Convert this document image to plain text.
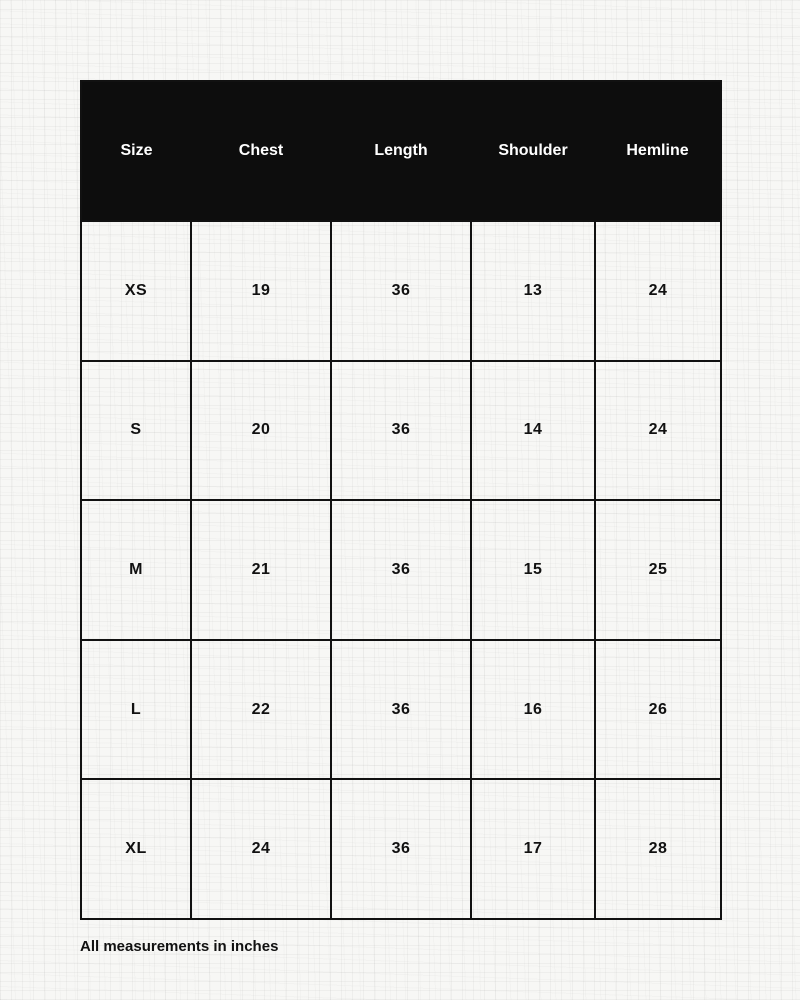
Size	Chest	Length	Shoulder	Hemline
XS	19	36	13	24
S	20	36	14	24
M	21	36	15	25
L	22	36	16	26
XL	24	36	17	28
All measurements in inches
